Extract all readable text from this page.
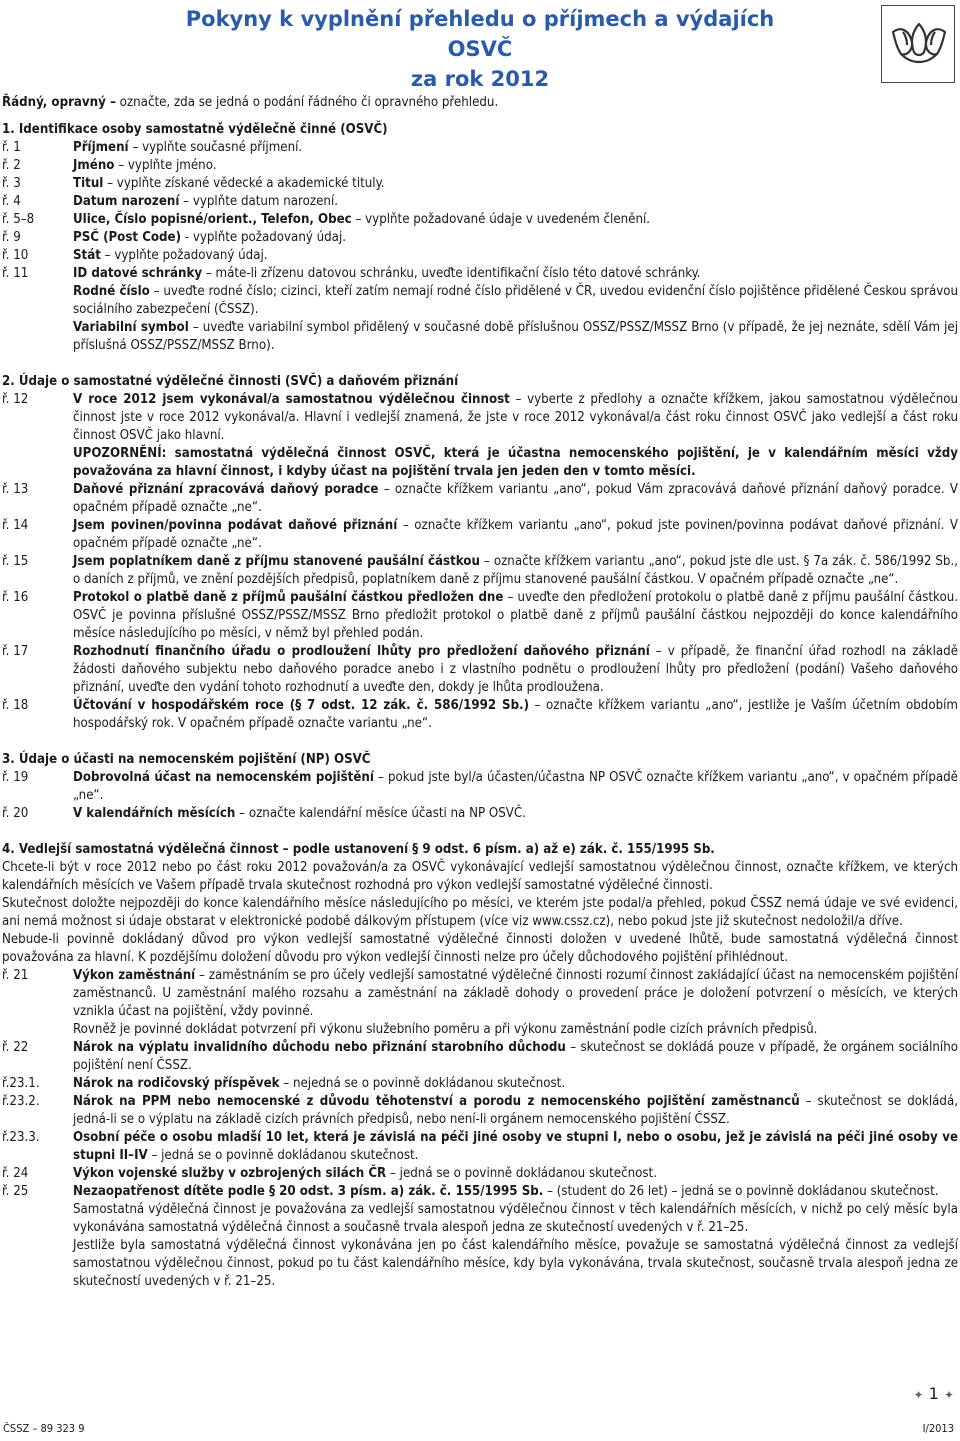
Pokyny k vyplnění přehledu o příjmech a výdajích OSVČ
za rok 2012
Řádný, opravný – označte, zda se jedná o podání řádného či opravného přehledu.
1. Identifikace osoby samostatně výdělečně činné (OSVČ)
ř. 1	Příjmení – vyplňte současné příjmení.
ř. 2	Jméno – vyplňte jméno.
ř. 3	Titul – vyplňte získané vědecké a akademické tituly.
ř. 4	Datum narození – vyplňte datum narození.
ř. 5–8	Ulice, Číslo popisné/orient., Telefon, Obec – vyplňte požadované údaje v uvedeném členění.
ř. 9	PSČ (Post Code) - vyplňte požadovaný údaj.
ř. 10	Stát – vyplňte požadovaný údaj.
ř. 11	ID datové schránky – máte-li zřízenu datovou schránku, uveďte identifikační číslo této datové schránky.
Rodné číslo – uveďte rodné číslo; cizinci, kteří zatím nemají rodné číslo přidělené v ČR, uvedou evidenční číslo pojištěnce přidělené Českou správou sociálního zabezpečení (ČSSZ).
Variabilní symbol – uveďte variabilní symbol přidělený v současné době příslušnou OSSZ/PSSZ/MSSZ Brno (v případě, že jej neznáte, sdělí Vám jej příslušná OSSZ/PSSZ/MSSZ Brno).
2. Údaje o samostatné výdělečné činnosti (SVČ) a daňovém přiznání
ř. 12	V roce 2012 jsem vykonával/a samostatnou výdělečnou činnost – vyberte z předlohy a označte křížkem, jakou samostatnou výdělečnou činnost jste v roce 2012 vykonával/a. Hlavní i vedlejší znamená, že jste v roce 2012 vykonával/a část roku činnost OSVČ jako vedlejší a část roku činnost OSVČ jako hlavní.
UPOZORNĚNÍ: samostatná výdělečná činnost OSVČ, která je účastna nemocenského pojištění, je v kalendářním měsíci vždy považována za hlavní činnost, i kdyby účast na pojištění trvala jen jeden den v tomto měsíci.
ř. 13	Daňové přiznání zpracovává daňový poradce – označte křížkem variantu „ano“, pokud Vám zpracovává daňové přiznání daňový poradce. V opačném případě označte „ne“.
ř. 14	Jsem povinen/povinna podávat daňové přiznání – označte křížkem variantu „ano“, pokud jste povinen/povinna podávat daňové přiznání. V opačném případě označte „ne“.
ř. 15	Jsem poplatníkem daně z příjmu stanovené paušální částkou – označte křížkem variantu „ano“, pokud jste dle ust. § 7a zák. č. 586/1992 Sb., o daních z příjmů, ve znění pozdějších předpisů, poplatníkem daně z příjmu stanovené paušální částkou. V opačném případě označte „ne“.
ř. 16	Protokol o platbě daně z příjmů paušální částkou předložen dne – uveďte den předložení protokolu o platbě daně z příjmu paušální částkou. OSVČ je povinna příslušné OSSZ/PSSZ/MSSZ Brno předložit protokol o platbě daně z příjmů paušální částkou nejpozději do konce kalendářního měsíce následujícího po měsíci, v němž byl přehled podán.
ř. 17	Rozhodnutí finančního úřadu o prodloužení lhůty pro předložení daňového přiznání – v případě, že finanční úřad rozhodl na základě žádosti daňového subjektu nebo daňového poradce anebo i z vlastního podnětu o prodloužení lhůty pro předložení (podání) Vašeho daňového přiznání, uveďte den vydání tohoto rozhodnutí a uveďte den, dokdy je lhůta prodloužena.
ř. 18	Účtování v hospodářském roce (§ 7 odst. 12 zák. č. 586/1992 Sb.) – označte křížkem variantu „ano“, jestliže je Vaším účetním obdobím hospodářský rok. V opačném případě označte variantu „ne“.
3. Údaje o účasti na nemocenském pojištění (NP) OSVČ
ř. 19	Dobrovolná účast na nemocenském pojištění – pokud jste byl/a účasten/účastna NP OSVČ označte křížkem variantu „ano“, v opačném případě „ne“.
ř. 20	V kalendářních měsících – označte kalendářní měsíce účasti na NP OSVČ.
4. Vedlejší samostatná výdělečná činnost – podle ustanovení § 9 odst. 6 písm. a) až e) zák. č. 155/1995 Sb.
Chcete-li být v roce 2012 nebo po část roku 2012 považován/a za OSVČ vykonávající vedlejší samostatnou výdělečnou činnost, označte křížkem, ve kterých kalendářních měsících ve Vašem případě trvala skutečnost rozhodná pro výkon vedlejší samostatné výdělečné činnosti.
Skutečnost doložte nejpozději do konce kalendářního měsíce následujícího po měsíci, ve kterém jste podal/a přehled, pokud ČSSZ nemá údaje ve své evidenci, ani nemá možnost si údaje obstarat v elektronické podobě dálkovým přístupem (více viz www.cssz.cz), nebo pokud jste již skutečnost nedoložil/a dříve.
Nebude-li povinně dokládaný důvod pro výkon vedlejší samostatné výdělečné činnosti doložen v uvedené lhůtě, bude samostatná výdělečná činnost považována za hlavní. K pozdějšímu doložení důvodu pro výkon vedlejší činnosti nelze pro účely důchodového pojištění přihlédnout.
ř. 21	Výkon zaměstnání – zaměstnáním se pro účely vedlejší samostatné výdělečné činnosti rozumí činnost zakládající účast na nemocenském pojištění zaměstnanců. U zaměstnání malého rozsahu a zaměstnání na základě dohody o provedení práce je doložení potvrzení o měsících, ve kterých vznikla účast na pojištění, vždy povinné.
Rovněž je povinné dokládat potvrzení při výkonu služebního poměru a při výkonu zaměstnání podle cizích právních předpisů.
ř. 22	Nárok na výplatu invalidního důchodu nebo přiznání starobního důchodu – skutečnost se dokládá pouze v případě, že orgánem sociálního pojištění není ČSSZ.
ř.23.1.	Nárok na rodičovský příspěvek – nejedná se o povinně dokládanou skutečnost.
ř.23.2.	Nárok na PPM nebo nemocenské z důvodu těhotenství a porodu z nemocenského pojištění zaměstnanců – skutečnost se dokládá, jedná-li se o výplatu na základě cizích právních předpisů, nebo není-li orgánem nemocenského pojištění ČSSZ.
ř.23.3.	Osobní péče o osobu mladší 10 let, která je závislá na péči jiné osoby ve stupni I, nebo o osobu, jež je závislá na péči jiné osoby ve stupni II–IV – jedná se o povinně dokládanou skutečnost.
ř. 24	Výkon vojenské služby v ozbrojených silách ČR – jedná se o povinně dokládanou skutečnost.
ř. 25	Nezaopatřenost dítěte podle § 20 odst. 3 písm. a) zák. č. 155/1995 Sb. – (student do 26 let) – jedná se o povinně dokládanou skutečnost.
Samostatná výdělečná činnost je považována za vedlejší samostatnou výdělečnou činnost v těch kalendářních měsících, v nichž po celý měsíc byla vykonávána samostatná výdělečná činnost a současně trvala alespoň jedna ze skutečností uvedených v ř. 21–25.
Jestliže byla samostatná výdělečná činnost vykonávána jen po část kalendářního měsíce, považuje se samostatná výdělečná činnost za vedlejší samostatnou výdělečnou činnost, pokud po tu část kalendářního měsíce, kdy byla vykonávána, trvala skutečnost, současně trvala alespoň jedna ze skutečností uvedených v ř. 21–25.
✦ 1 ✦
ČSSZ – 89 323 9	I/2013
